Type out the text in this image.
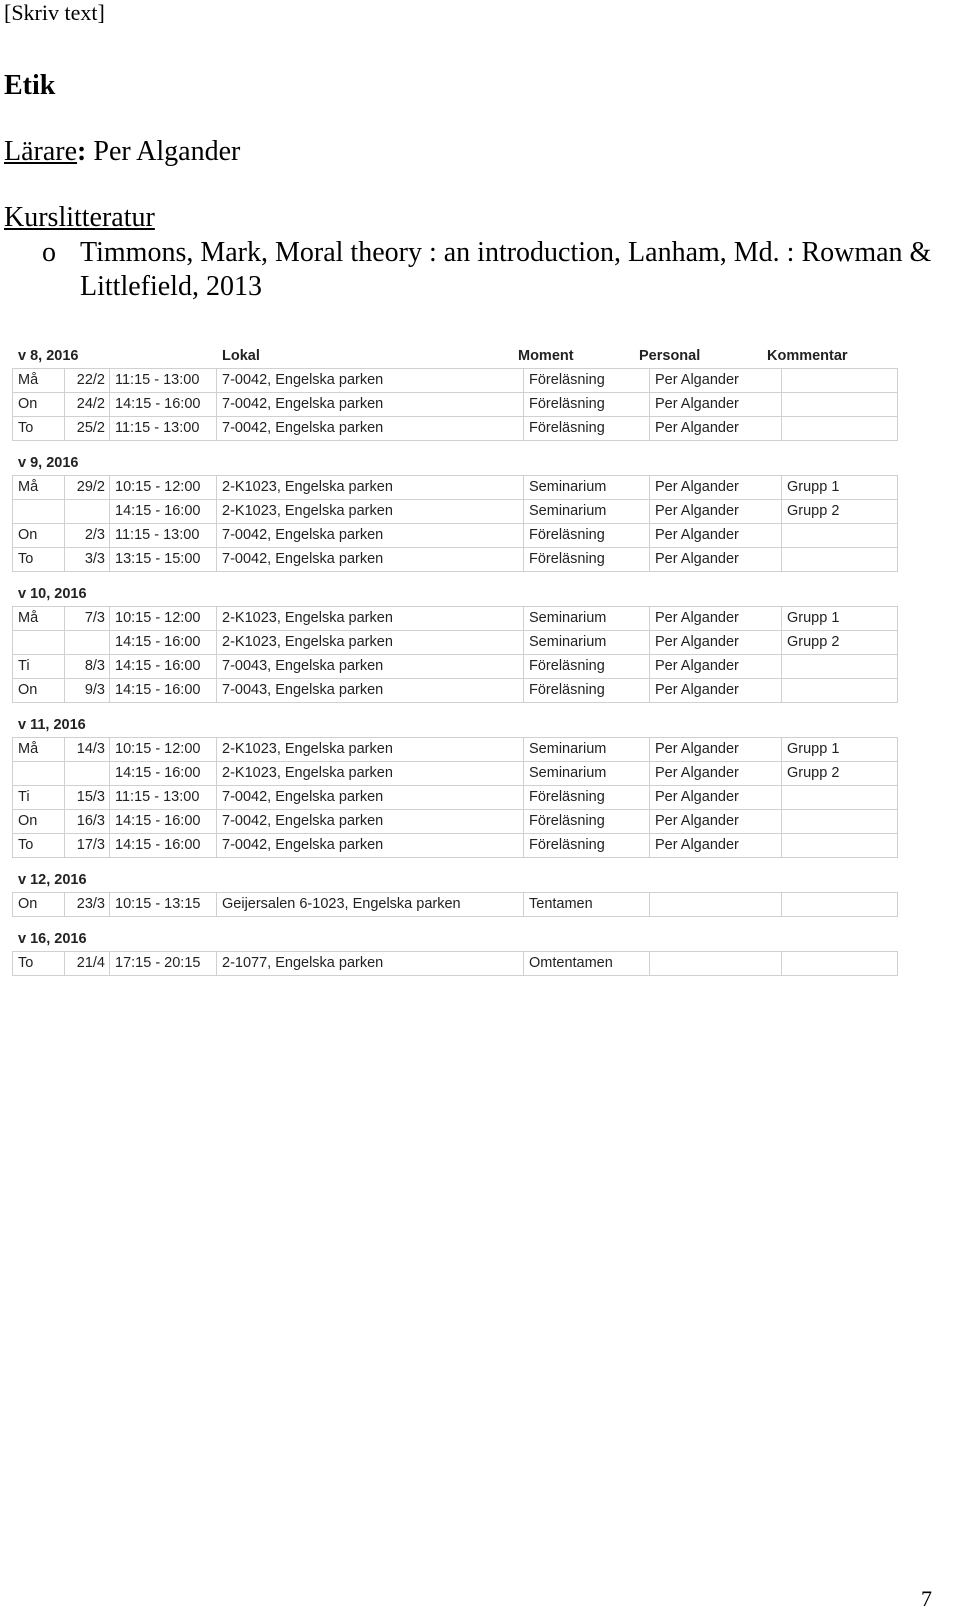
[Skriv text]
Etik
Lärare: Per Algander
Kurslitteratur
o Timmons, Mark, Moral theory : an introduction, Lanham, Md. : Rowman & Littlefield, 2013
v 8, 2016	Lokal	Moment	Personal	Kommentar
Må	22/2 11:15 - 13:00	7-0042, Engelska parken	Föreläsning	Per Algander
On	24/2 14:15 - 16:00	7-0042, Engelska parken	Föreläsning	Per Algander
To	25/2 11:15 - 13:00	7-0042, Engelska parken	Föreläsning	Per Algander
v 9, 2016
Må	29/2 10:15 - 12:00	2-K1023, Engelska parken	Seminarium	Per Algander	Grupp 1
14:15 - 16:00	2-K1023, Engelska parken	Seminarium	Per Algander	Grupp 2
On	2/3 11:15 - 13:00	7-0042, Engelska parken	Föreläsning	Per Algander
To	3/3 13:15 - 15:00	7-0042, Engelska parken	Föreläsning	Per Algander
v 10, 2016
Må	7/3 10:15 - 12:00	2-K1023, Engelska parken	Seminarium	Per Algander	Grupp 1
14:15 - 16:00	2-K1023, Engelska parken	Seminarium	Per Algander	Grupp 2
Ti	8/3 14:15 - 16:00	7-0043, Engelska parken	Föreläsning	Per Algander
On	9/3 14:15 - 16:00	7-0043, Engelska parken	Föreläsning	Per Algander
v 11, 2016
Må	14/3 10:15 - 12:00	2-K1023, Engelska parken	Seminarium	Per Algander	Grupp 1
14:15 - 16:00	2-K1023, Engelska parken	Seminarium	Per Algander	Grupp 2
Ti	15/3 11:15 - 13:00	7-0042, Engelska parken	Föreläsning	Per Algander
On	16/3 14:15 - 16:00	7-0042, Engelska parken	Föreläsning	Per Algander
To	17/3 14:15 - 16:00	7-0042, Engelska parken	Föreläsning	Per Algander
v 12, 2016
On	23/3 10:15 - 13:15	Geijersalen 6-1023, Engelska parken	Tentamen
v 16, 2016
To	21/4 17:15 - 20:15	2-1077, Engelska parken	Omtentamen
7
